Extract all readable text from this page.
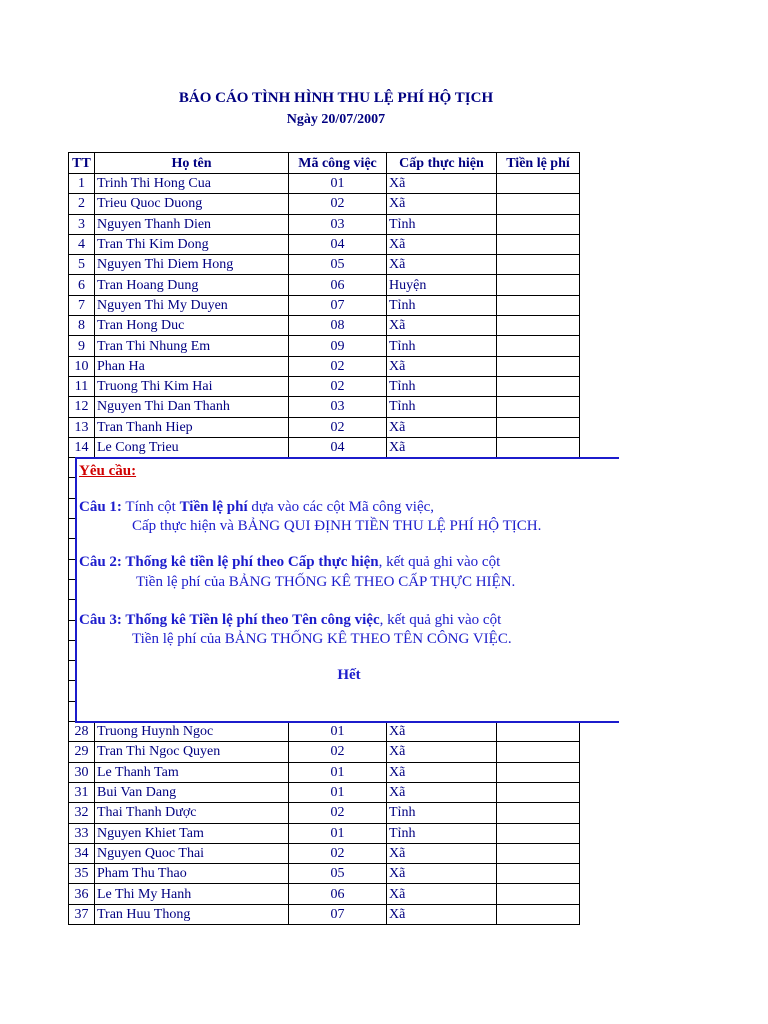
BÁO CÁO TÌNH HÌNH THU LỆ PHÍ HỘ TỊCH
Ngày 20/07/2007
TT	Họ tên	Mã công việc	Cấp thực hiện	Tiền lệ phí
1	Trinh Thi Hong Cua	01	Xã	
2	Trieu Quoc Duong	02	Xã	
3	Nguyen Thanh Dien	03	Tỉnh	
4	Tran Thi Kim Dong	04	Xã	
5	Nguyen Thi Diem Hong	05	Xã	
6	Tran Hoang Dung	06	Huyện	
7	Nguyen Thi My Duyen	07	Tỉnh	
8	Tran Hong Duc	08	Xã	
9	Tran Thi Nhung Em	09	Tỉnh	
10	Phan Ha	02	Xã	
11	Truong Thi Kim Hai	02	Tỉnh	
12	Nguyen Thi Dan Thanh	03	Tỉnh	
13	Tran Thanh Hiep	02	Xã	
14	Le Cong Trieu	04	Xã	

28	Truong Huynh Ngoc	01	Xã	
29	Tran Thi Ngoc Quyen	02	Xã	
30	Le Thanh Tam	01	Xã	
31	Bui Van Dang	01	Xã	
32	Thai Thanh Dược	02	Tỉnh	
33	Nguyen Khiet Tam	01	Tỉnh	
34	Nguyen Quoc Thai	02	Xã	
35	Pham Thu Thao	05	Xã	
36	Le Thi My Hanh	06	Xã	
37	Tran Huu Thong	07	Xã	
Yêu cầu:
Câu 1: Tính cột Tiền lệ phí dựa vào các cột Mã công việc,
Cấp thực hiện và BẢNG QUI ĐỊNH TIỀN THU LỆ PHÍ HỘ TỊCH.
Câu 2: Thống kê tiền lệ phí theo Cấp thực hiện, kết quả ghi vào cột
Tiền lệ phí của BẢNG THỐNG KÊ THEO CẤP THỰC HIỆN.
Câu 3: Thống kê Tiền lệ phí theo Tên công việc, kết quả ghi vào cột
Tiền lệ phí của BẢNG THỐNG KÊ THEO TÊN CÔNG VIỆC.
Hết
